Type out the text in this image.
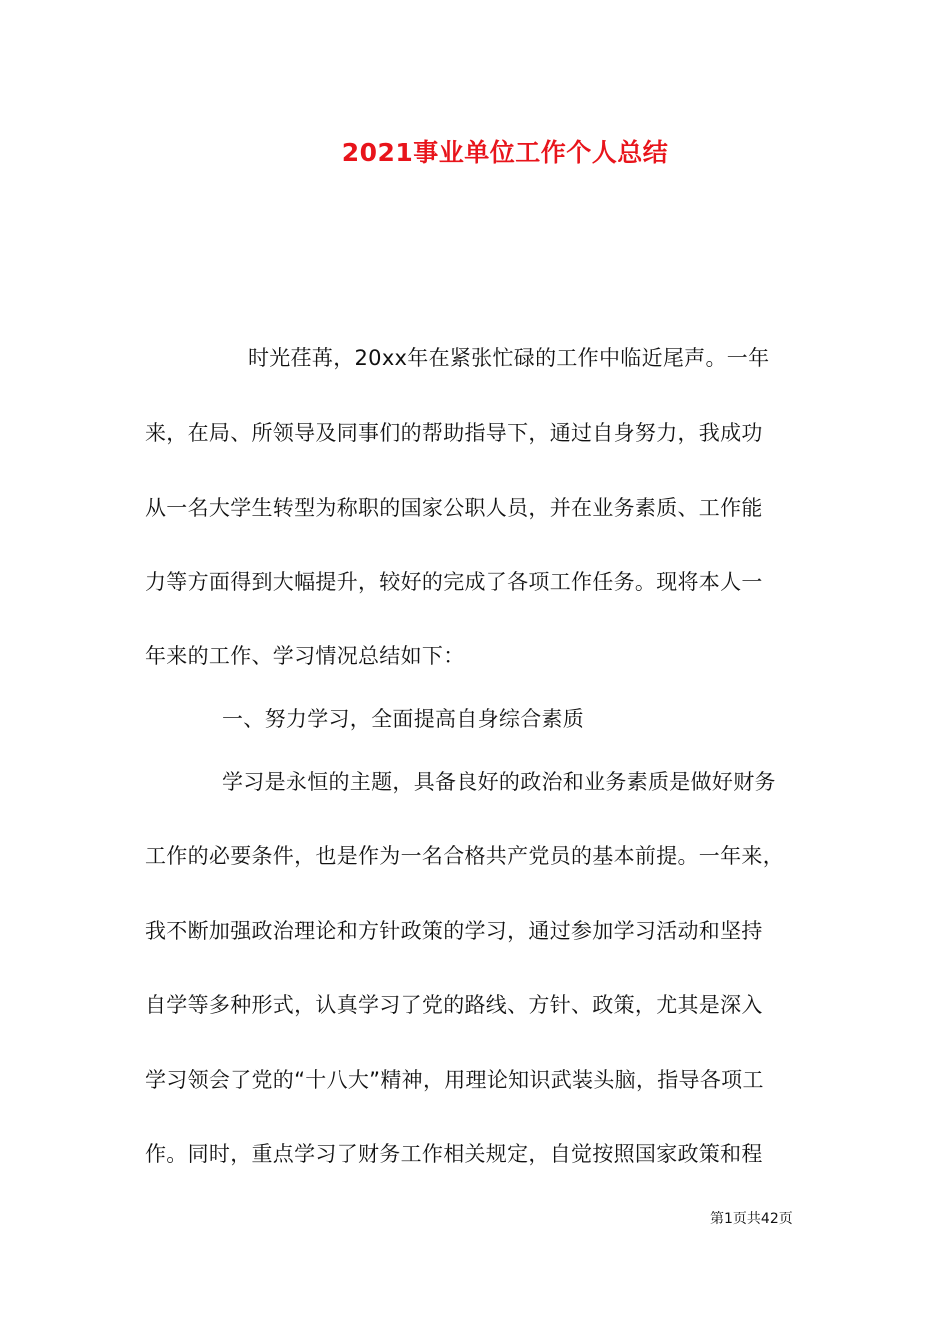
2021事业单位工作个人总结
时光荏苒，20xx年在紧张忙碌的工作中临近尾声。一年
来，在局、所领导及同事们的帮助指导下，通过自身努力，我成功
从一名大学生转型为称职的国家公职人员，并在业务素质、工作能
力等方面得到大幅提升，较好的完成了各项工作任务。现将本人一
年来的工作、学习情况总结如下：
一、努力学习，全面提高自身综合素质
学习是永恒的主题，具备良好的政治和业务素质是做好财务
工作的必要条件，也是作为一名合格共产党员的基本前提。一年来，
我不断加强政治理论和方针政策的学习，通过参加学习活动和坚持
自学等多种形式，认真学习了党的路线、方针、政策，尤其是深入
学习领会了党的“十八大”精神，用理论知识武装头脑，指导各项工
作。同时，重点学习了财务工作相关规定，自觉按照国家政策和程
第1页共42页
